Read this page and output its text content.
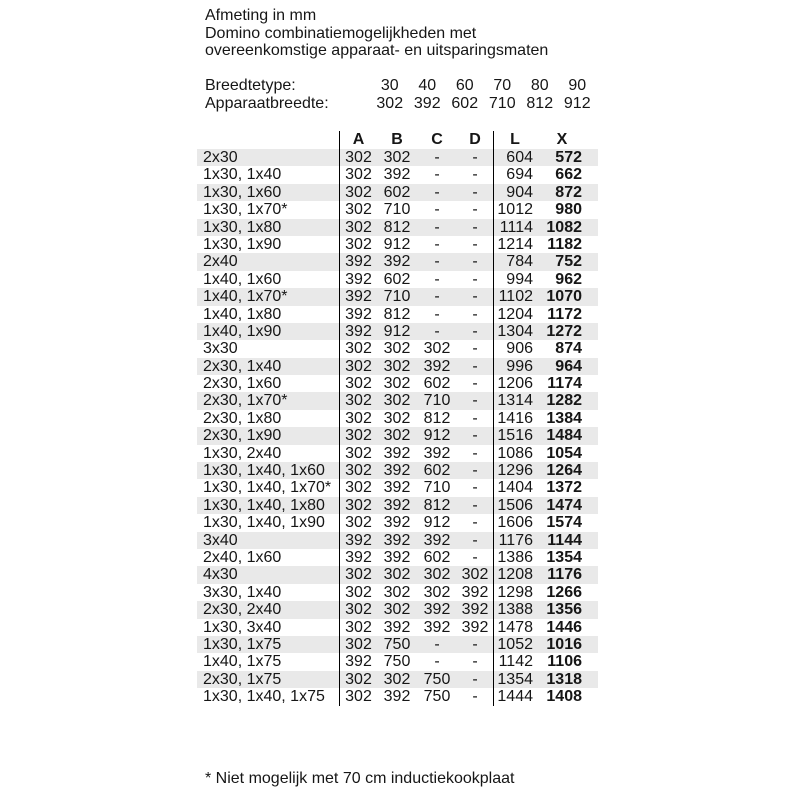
Afmeting in mm
Domino combinatiemogelijkheden met
overeenkomstige apparaat- en uitsparingsmaten
Breedtetype:	30	40	60	70	80	90
Apparaatbreedte:	302 392 602 710 812 912
A	B	C	D	L	X
2x30	302 302	-	-	604	572
1x30, 1x40	302 392	-	-	694	662
1x30, 1x60	302 602	-	-	904	872
1x30, 1x70*	302 710	-	-	1012	980
1x30, 1x80	302 812	-	-	1114 1082
1x30, 1x90	302 912	-	-	1214 1182
2x40	392 392	-	-	784	752
1x40, 1x60	392 602	-	-	994	962
1x40, 1x70*	392 710	-	-	1102 1070
1x40, 1x80	392 812	-	-	1204 1172
1x40, 1x90	392 912	-	-	1304 1272
3x30	302 302 302	-	906	874
2x30, 1x40	302 302 392	-	996	964
2x30, 1x60	302 302 602	-	1206 1174
2x30, 1x70*	302 302 710	-	1314 1282
2x30, 1x80	302 302 812	-	1416 1384
2x30, 1x90	302 302 912	-	1516 1484
1x30, 2x40	302 392 392	-	1086 1054
1x30, 1x40, 1x60	302 392 602	-	1296 1264
1x30, 1x40, 1x70* 302 392 710	-	1404 1372
1x30, 1x40, 1x80	302 392 812	-	1506 1474
1x30, 1x40, 1x90	302 392 912	-	1606 1574
3x40	392 392 392	-	1176 1144
2x40, 1x60	392 392 602	-	1386 1354
4x30	302 302 302 302 1208 1176
3x30, 1x40	302 302 302 392 1298 1266
2x30, 2x40	302 302 392 392 1388 1356
1x30, 3x40	302 392 392 392 1478 1446
1x30, 1x75	302 750	-	-	1052 1016
1x40, 1x75	392 750	-	-	1142 1106
2x30, 1x75	302 302 750	-	1354 1318
1x30, 1x40, 1x75	302 392 750	-	1444 1408
* Niet mogelijk met 70 cm inductiekookplaat
